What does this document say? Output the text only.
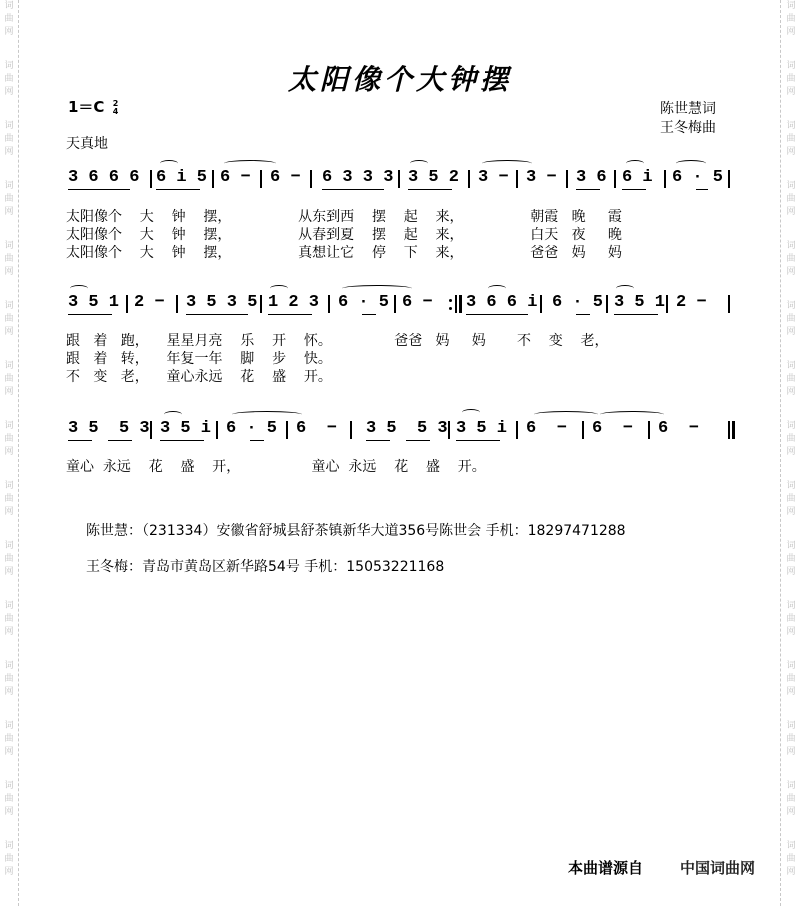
词
曲
网
词
曲
网
词
曲
网
词
曲
网
词
曲
网
词
曲
网
词
曲
网
词
曲
网
词
曲
网
词
曲
网
词
曲
网
词
曲
网
词
曲
网
词
曲
网
词
曲
网
词
曲
网
词
曲
网
词
曲
网
词
曲
网
词
曲
网
词
曲
网
词
曲
网
词
曲
网
词
曲
网
词
曲
网
词
曲
网
词
曲
网
词
曲
网
词
曲
网
词
曲
网
太阳像个大钟摆
1＝C 2
4	陈世慧词
王冬梅曲
天真地
3 6 6 6 6 i 5 6 − 6 − 6 3 3 3 3 5 2 3 − 3 − 3 6 6 i 6 · 5
太阳像个    大    钟    摆，               从东到西    摆    起    来，               朝霞   晚     霞
太阳像个    大    钟    摆，               从春到夏    摆    起    来，               白天   夜     晚
太阳像个    大    钟    摆，               真想让它    停    下    来，               爸爸   妈     妈
3 5 1 2 − 3 5 3 5 1 2 3 6 · 5 6 − 3 6 6 i 6 · 5 3 5 1 2 −
跟   着   跑，    星星月亮    乐    开    怀。              爸爸   妈     妈       不    变    老，
跟   着   转，    年复一年    脚    步    快。
不   变   老，    童心永远    花    盛    开。
3 5  5 3 3 5 i 6 · 5 6  − 3 5  5 3 3 5 i 6  − 6  − 6  −
童心  永远    花    盛    开，                童心  永远    花    盛    开。
陈世慧：（231334）安徽省舒城县舒茶镇新华大道356号陈世会 手机：18297471288
王冬梅：青岛市黄岛区新华路54号 手机：15053221168
本曲谱源自 中国词曲网
